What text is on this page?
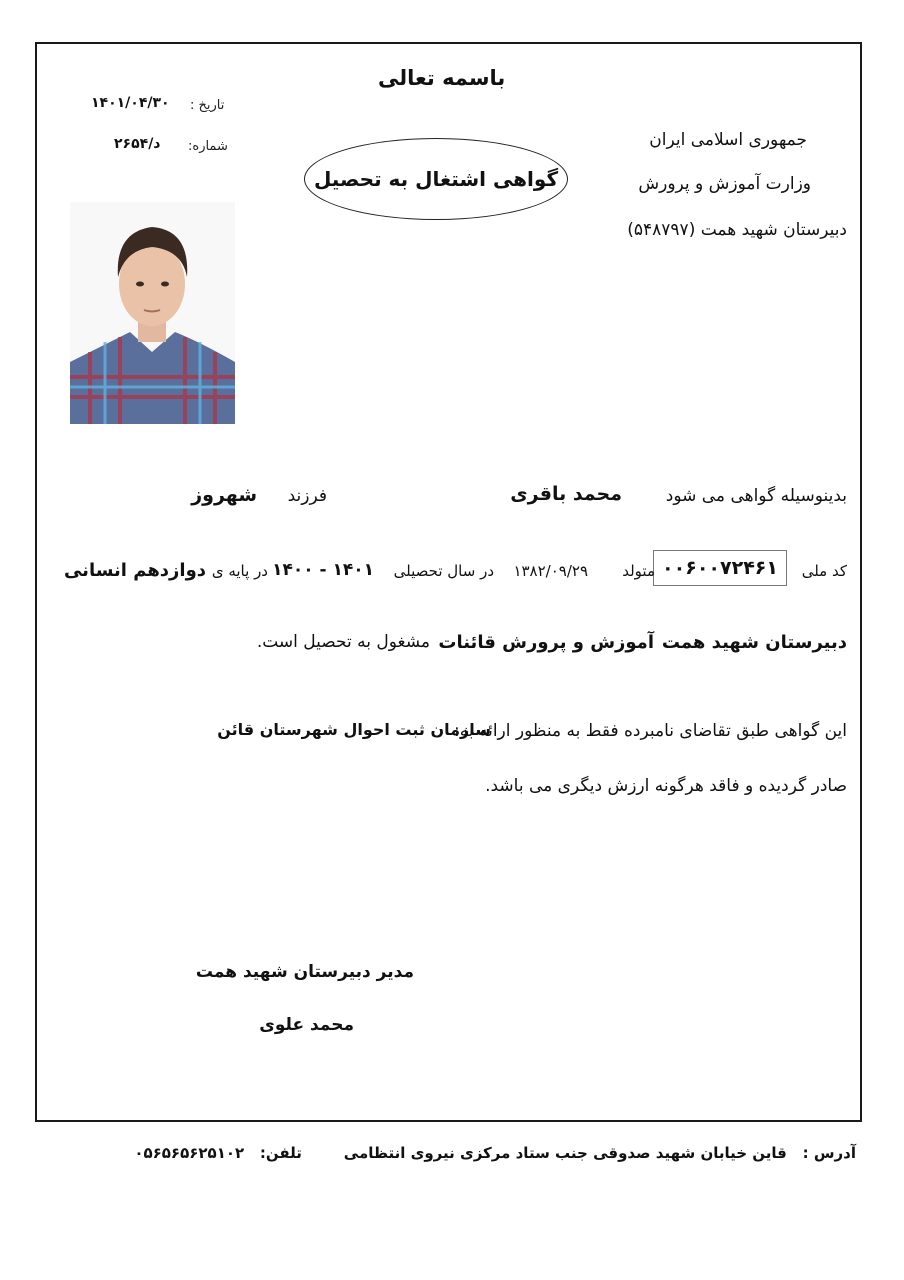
باسمه تعالی
تاریخ :
۱۴۰۱/۰۴/۳۰
شماره:
د/۲۶۵۴
گواهی اشتغال به تحصیل
جمهوری اسلامی ایران
وزارت آموزش و پرورش
دبیرستان شهید همت (۵۴۸۷۹۷)
بدینوسیله گواهی می شود
محمد باقری
فرزند
شهروز
کد ملی
۰۰۶۰۰۷۲۴۶۱
متولد
۱۳۸۲/۰۹/۲۹
در سال تحصیلی
۱۴۰۱ - ۱۴۰۰
در پایه ی
دوازدهم انسانی
دبیرستان شهید همت
آموزش و پرورش قائنات
مشغول به تحصیل است.
این گواهی طبق تقاضای نامبرده فقط به منظور ارائه به:
سازمان ثبت احوال شهرستان قائن
صادر گردیده و فاقد هرگونه ارزش دیگری می باشد.
مدیر دبیرستان شهید همت
محمد علوی
آدرس :   قاین خیابان شهید صدوقی جنب ستاد مرکزی نیروی انتظامی        تلفن:   ۰۵۶۵۶۵۶۲۵۱۰۲
